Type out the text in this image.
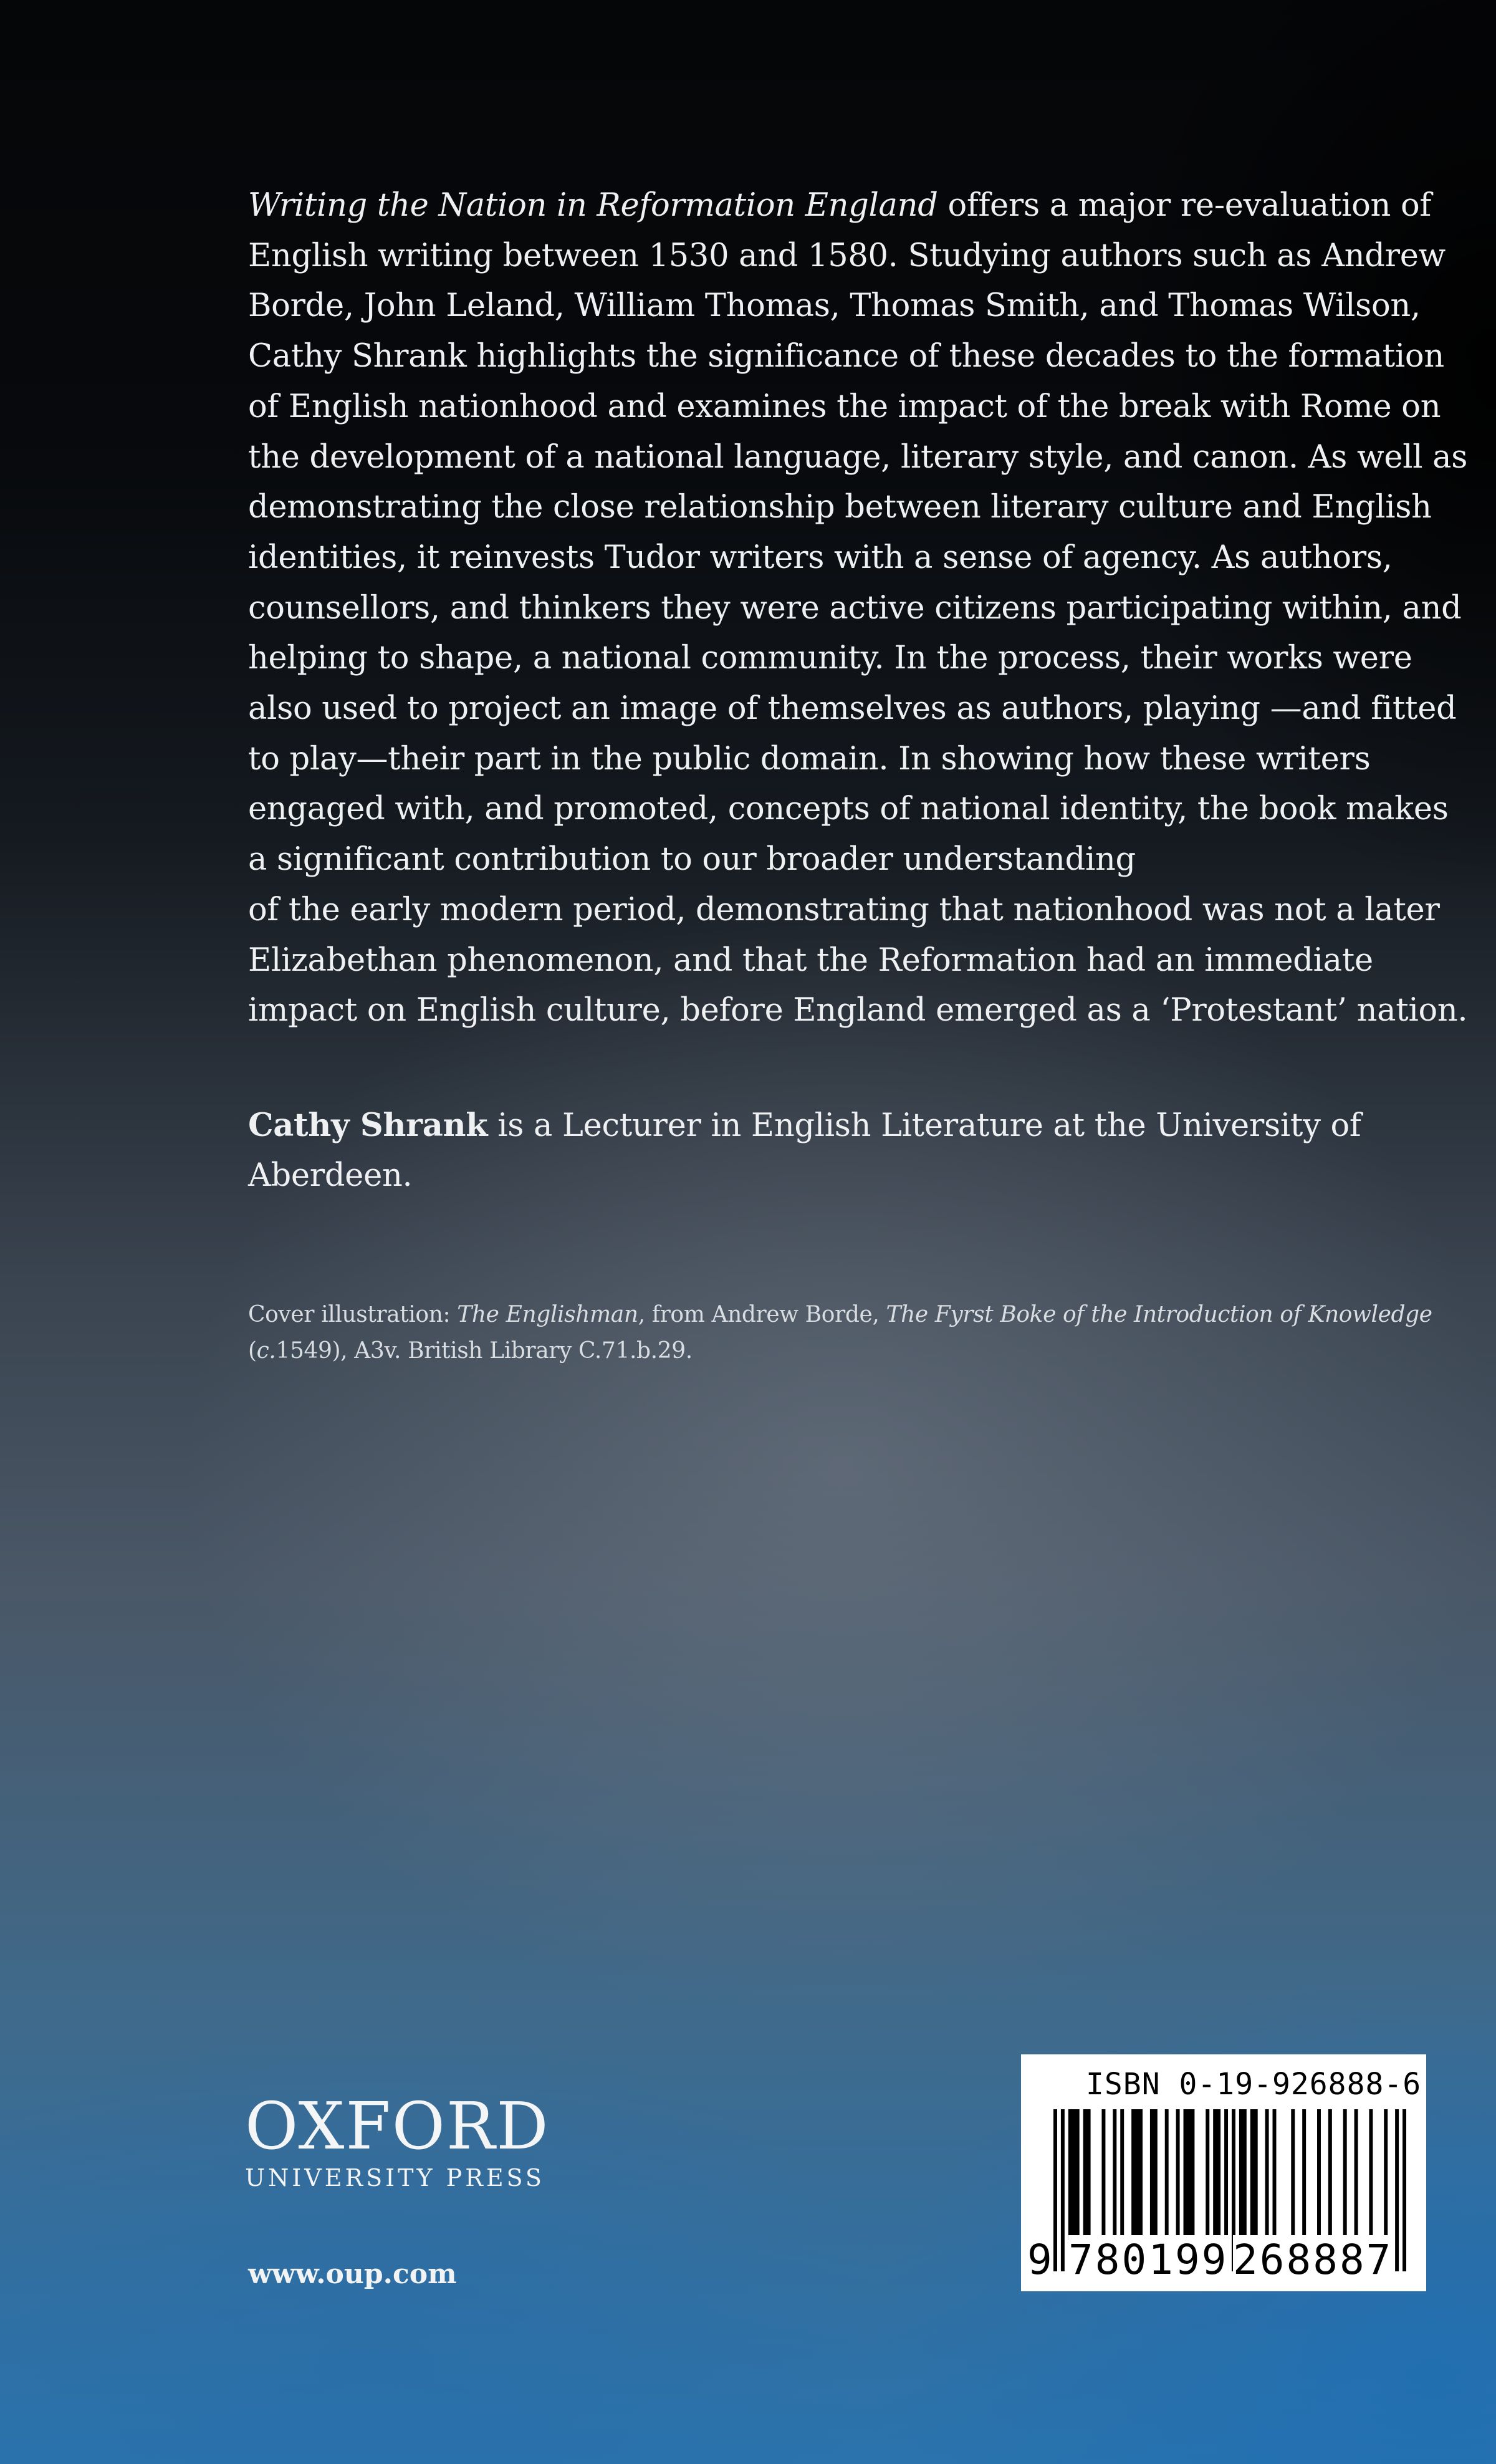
Writing the Nation in Reformation England offers a major re-evaluation of
English writing between 1530 and 1580. Studying authors such as Andrew
Borde, John Leland, William Thomas, Thomas Smith, and Thomas Wilson,
Cathy Shrank highlights the significance of these decades to the formation
of English nationhood and examines the impact of the break with Rome on
the development of a national language, literary style, and canon. As well as
demonstrating the close relationship between literary culture and English
identities, it reinvests Tudor writers with a sense of agency. As authors,
counsellors, and thinkers they were active citizens participating within, and
helping to shape, a national community. In the process, their works were
also used to project an image of themselves as authors, playing —and fitted
to play—their part in the public domain. In showing how these writers
engaged with, and promoted, concepts of national identity, the book makes
a significant contribution to our broader understanding
of the early modern period, demonstrating that nationhood was not a later
Elizabethan phenomenon, and that the Reformation had an immediate
impact on English culture, before England emerged as a ‘Protestant’ nation.
Cathy Shrank is a Lecturer in English Literature at the University of
Aberdeen.
Cover illustration: The Englishman, from Andrew Borde, The Fyrst Boke of the Introduction of Knowledge
(c.1549), A3v. British Library C.71.b.29.
OXFORD
UNIVERSITY PRESS
www.oup.com
ISBN 0-19-926888-6
9 780199 268887
